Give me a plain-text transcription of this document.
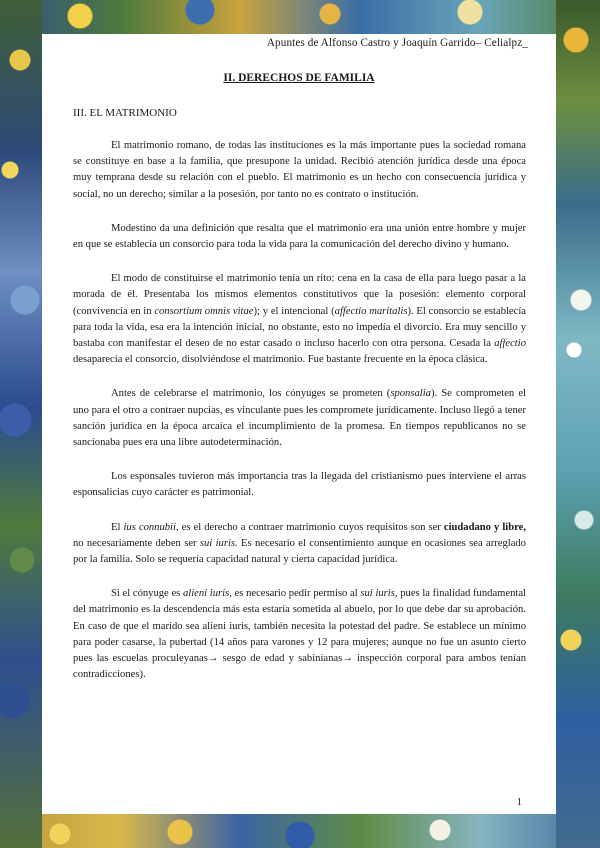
Apuntes de Alfonso Castro y Joaquín Garrido– Celialpz_
II. DERECHOS DE FAMILIA
III. EL MATRIMONIO

El matrimonio romano, de todas las instituciones es la más importante pues la sociedad romana se constituye en base a la familia, que presupone la unidad. Recibió atención jurídica desde una época muy temprana desde su relación con el pueblo. El matrimonio es un hecho con consecuencia jurídica y social, no un derecho; similar a la posesión, por tanto no es contrato o institución.

Modestino da una definición que resalta que el matrimonio era una unión entre hombre y mujer en que se establecía un consorcio para toda la vida para la comunicación del derecho divino y humano.

El modo de constituirse el matrimonio tenía un rito: cena en la casa de ella para luego pasar a la morada de él. Presentaba los mismos elementos constitutivos que la posesión: elemento corporal (convivencia en in consortium omnis vitae); y el intencional (affectio maritalis). El consorcio se establecía para toda la vida, esa era la intención inicial, no obstante, esto no impedía el divorcio. Era muy sencillo y bastaba con manifestar el deseo de no estar casado o incluso hacerlo con otra persona. Cesada la affectio desaparecía el consorcio, disolviéndose el matrimonio. Fue bastante frecuente en la época clásica.

Antes de celebrarse el matrimonio, los cónyuges se prometen (sponsalia). Se comprometen el uno para el otro a contraer nupcias, es vinculante pues les compromete jurídicamente. Incluso llegó a tener sanción jurídica en la época arcaica el incumplimiento de la promesa. En tiempos republicanos no se sancionaba pues era una libre autodeterminación.

Los esponsales tuvieron más importancia tras la llegada del cristianismo pues interviene el arras esponsalicias cuyo carácter es patrimonial.

El ius connubii, es el derecho a contraer matrimonio cuyos requisitos son ser ciudadano y libre, no necesariamente deben ser sui iuris. Es necesario el consentimiento aunque en ocasiones sea arreglado por la familia. Solo se requería capacidad natural y cierta capacidad jurídica.

Si el cónyuge es alieni iuris, es necesario pedir permiso al sui iuris, pues la finalidad fundamental del matrimonio es la descendencia más esta estaría sometida al abuelo, por lo que debe dar su aprobación. En caso de que el marido sea alieni iuris, también necesita la potestad del padre. Se establece un mínimo para poder casarse, la pubertad (14 años para varones y 12 para mujeres; aunque no fue un asunto cierto pues las escuelas proculeyanas→ sesgo de edad y sabinianas→ inspección corporal para ambos tenían contradicciones).

1
